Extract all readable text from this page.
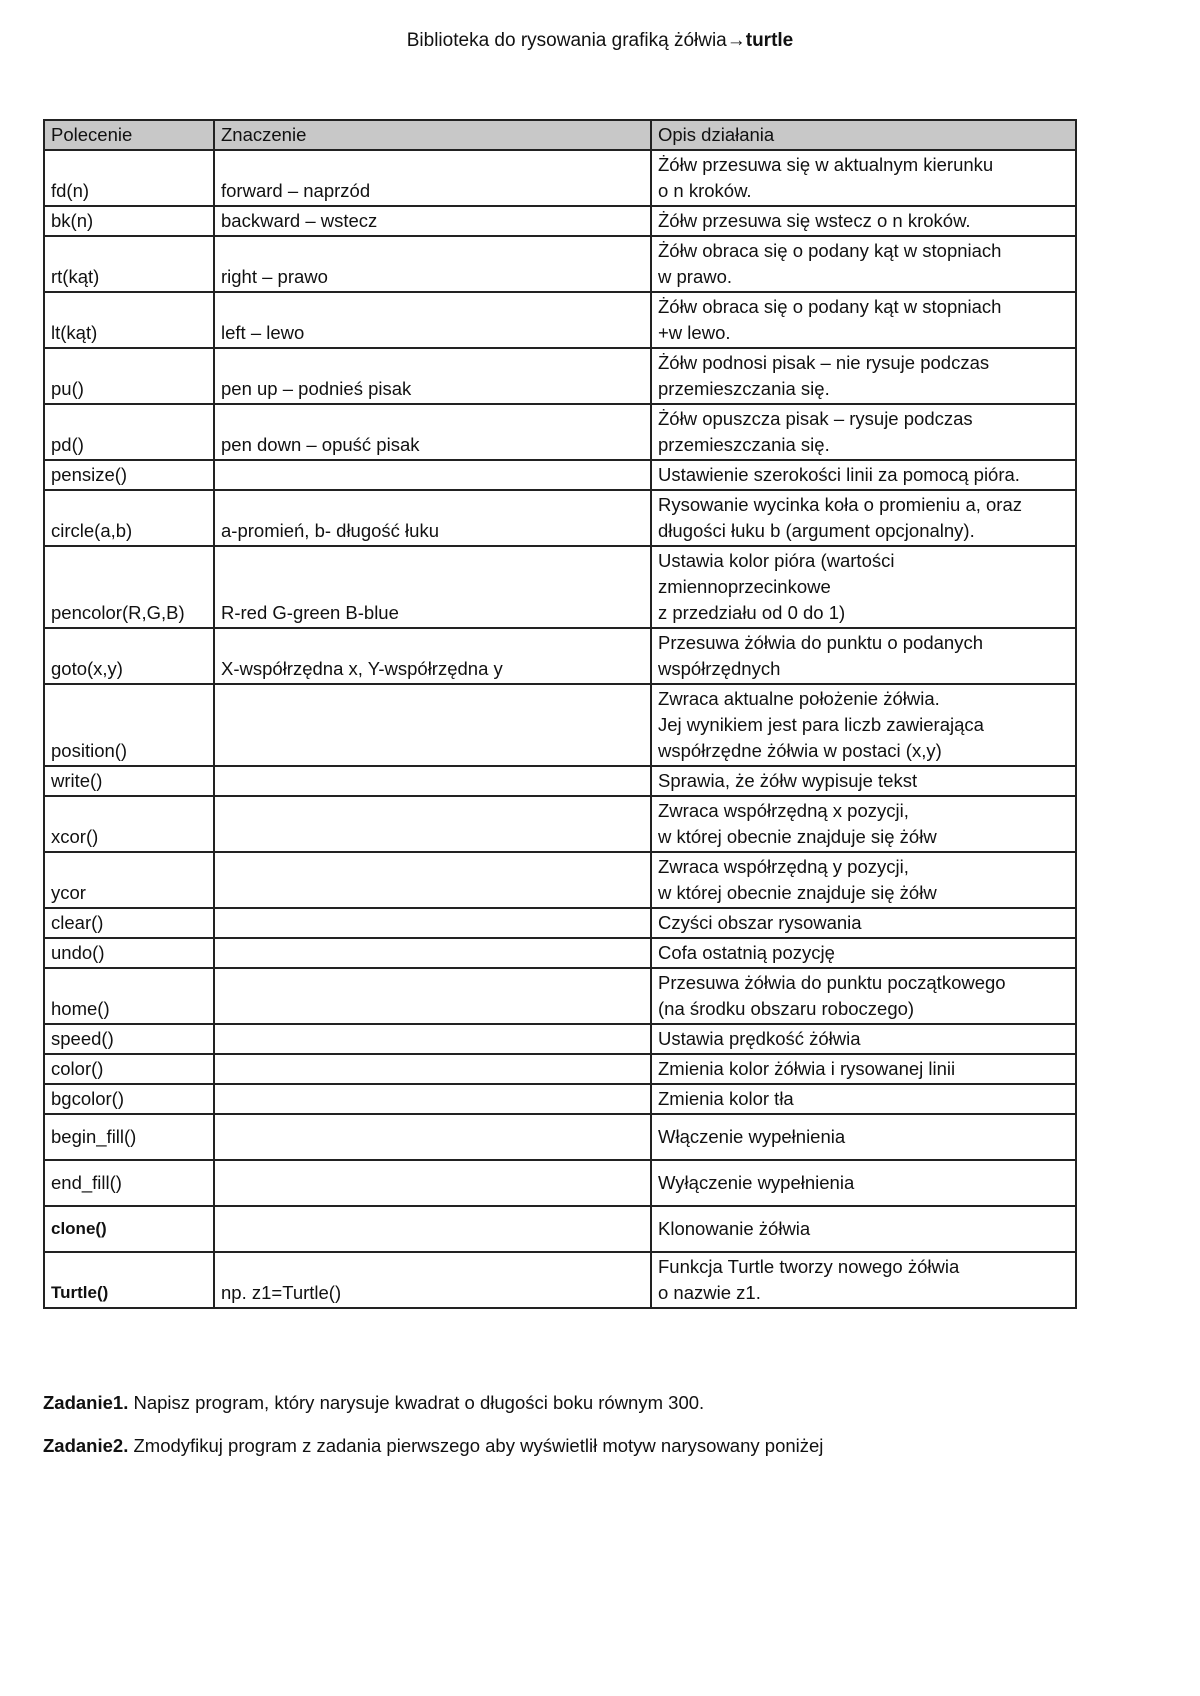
Biblioteka do rysowania grafiką żółwia→turtle
Polecenie	Znaczenie	Opis działania
fd(n)	forward – naprzód	Żółw przesuwa się w aktualnym kierunku
o n kroków.

bk(n)	backward – wstecz	Żółw przesuwa się wstecz o n kroków.

rt(kąt)	right – prawo	Żółw obraca się o podany kąt w stopniach
w prawo.

lt(kąt)	left – lewo	Żółw obraca się o podany kąt w stopniach
+w lewo.

pu()	pen up – podnieś pisak	Żółw podnosi pisak – nie rysuje podczas
przemieszczania się.

pd()	pen down – opuść pisak	Żółw opuszcza pisak – rysuje podczas
przemieszczania się.

pensize()		Ustawienie szerokości linii za pomocą pióra.

circle(a,b)	a-promień, b- długość łuku	Rysowanie wycinka koła o promieniu a, oraz
długości łuku b (argument opcjonalny).

pencolor(R,G,B)	R-red G-green B-blue	Ustawia kolor pióra (wartości
zmiennoprzecinkowe
z przedziału od 0 do 1)

goto(x,y)	X-współrzędna x, Y-współrzędna y	Przesuwa żółwia do punktu o podanych
współrzędnych

position()		Zwraca aktualne położenie żółwia.
Jej wynikiem jest para liczb zawierająca
współrzędne żółwia w postaci (x,y)

write()		Sprawia, że żółw wypisuje tekst

xcor()		Zwraca współrzędną x pozycji,
w której obecnie znajduje się żółw

ycor		Zwraca współrzędną y pozycji,
w której obecnie znajduje się żółw

clear()		Czyści obszar rysowania

undo()		Cofa ostatnią pozycję

home()		Przesuwa żółwia do punktu początkowego
(na środku obszaru roboczego)

speed()		Ustawia prędkość żółwia

color()		Zmienia kolor żółwia i rysowanej linii

bgcolor()		Zmienia kolor tła

begin_fill()		Włączenie wypełnienia

end_fill()		Wyłączenie wypełnienia

clone()		Klonowanie żółwia

Turtle()	np. z1=Turtle()	Funkcja Turtle tworzy nowego żółwia
o nazwie z1.
Zadanie1. Napisz program, który narysuje kwadrat o długości boku równym 300.
Zadanie2. Zmodyfikuj program z zadania pierwszego aby wyświetlił motyw narysowany poniżej
